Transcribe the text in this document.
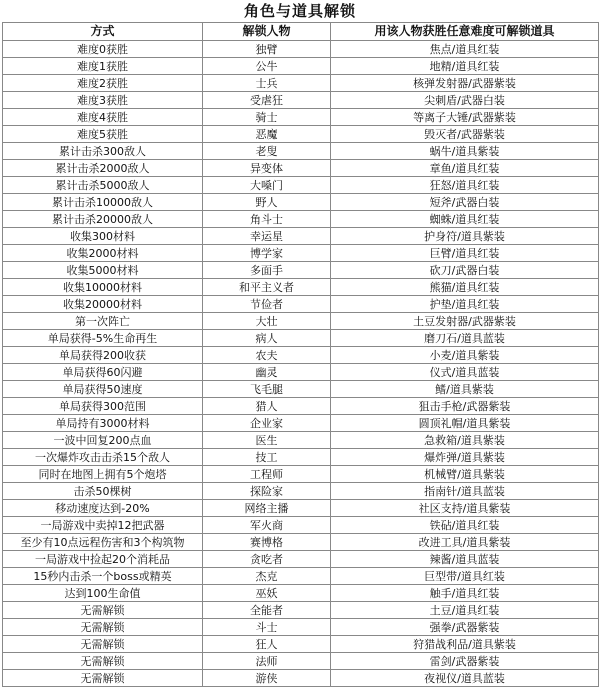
角色与道具解锁
方式	解锁人物	用该人物获胜任意难度可解锁道具
难度0获胜	独臂	焦点/道具红装
难度1获胜	公牛	地精/道具红装
难度2获胜	士兵	核弹发射器/武器紫装
难度3获胜	受虐狂	尖刺盾/武器白装
难度4获胜	骑士	等离子大锤/武器紫装
难度5获胜	恶魔	毁灭者/武器紫装
累计击杀300敌人	老叟	蜗牛/道具紫装
累计击杀2000敌人	异变体	章鱼/道具红装
累计击杀5000敌人	大嗓门	狂怒/道具红装
累计击杀10000敌人	野人	短斧/武器白装
累计击杀20000敌人	角斗士	蜘蛛/道具红装
收集300材料	幸运星	护身符/道具紫装
收集2000材料	博学家	巨臂/道具红装
收集5000材料	多面手	砍刀/武器白装
收集10000材料	和平主义者	熊猫/道具红装
收集20000材料	节俭者	护垫/道具红装
第一次阵亡	大壮	土豆发射器/武器紫装
单局获得-5%生命再生	病人	磨刀石/道具蓝装
单局获得200收获	农夫	小麦/道具紫装
单局获得60闪避	幽灵	仪式/道具蓝装
单局获得50速度	飞毛腿	鳍/道具紫装
单局获得300范围	猎人	狙击手枪/武器紫装
单局持有3000材料	企业家	圆顶礼帽/道具紫装
一波中回复200点血	医生	急救箱/道具紫装
一次爆炸攻击击杀15个敌人	技工	爆炸弹/道具紫装
同时在地图上拥有5个炮塔	工程师	机械臂/道具紫装
击杀50棵树	探险家	指南针/道具蓝装
移动速度达到-20%	网络主播	社区支持/道具紫装
一局游戏中卖掉12把武器	军火商	铁砧/道具红装
至少有10点远程伤害和3个构筑物	赛博格	改进工具/道具紫装
一局游戏中捡起20个消耗品	贪吃者	辣酱/道具蓝装
15秒内击杀一个boss或精英	杰克	巨型带/道具红装
达到100生命值	巫妖	触手/道具红装
无需解锁	全能者	土豆/道具红装
无需解锁	斗士	强拳/武器紫装
无需解锁	狂人	狩猎战利品/道具紫装
无需解锁	法师	雷剑/武器紫装
无需解锁	游侠	夜视仪/道具蓝装
